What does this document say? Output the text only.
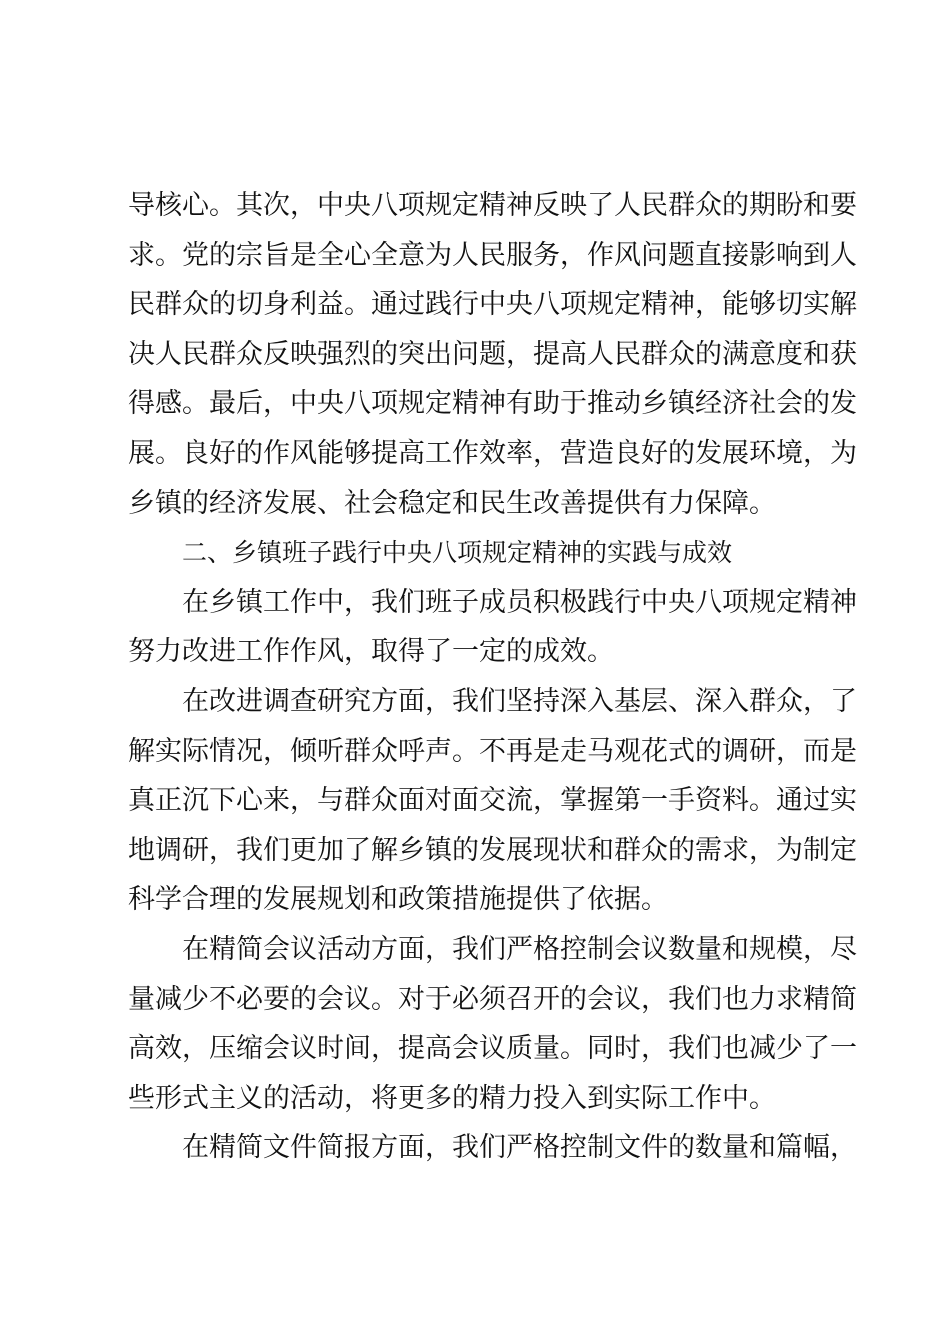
导核心。其次，中央八项规定精神反映了人民群众的期盼和要
求。党的宗旨是全心全意为人民服务，作风问题直接影响到人
民群众的切身利益。通过践行中央八项规定精神，能够切实解
决人民群众反映强烈的突出问题，提高人民群众的满意度和获
得感。最后，中央八项规定精神有助于推动乡镇经济社会的发
展。良好的作风能够提高工作效率，营造良好的发展环境，为
乡镇的经济发展、社会稳定和民生改善提供有力保障。
二、乡镇班子践行中央八项规定精神的实践与成效
在乡镇工作中，我们班子成员积极践行中央八项规定精神
努力改进工作作风，取得了一定的成效。
在改进调查研究方面，我们坚持深入基层、深入群众，了
解实际情况，倾听群众呼声。不再是走马观花式的调研，而是
真正沉下心来，与群众面对面交流，掌握第一手资料。通过实
地调研，我们更加了解乡镇的发展现状和群众的需求，为制定
科学合理的发展规划和政策措施提供了依据。
在精简会议活动方面，我们严格控制会议数量和规模，尽
量减少不必要的会议。对于必须召开的会议，我们也力求精简
高效，压缩会议时间，提高会议质量。同时，我们也减少了一
些形式主义的活动，将更多的精力投入到实际工作中。
在精简文件简报方面，我们严格控制文件的数量和篇幅，
